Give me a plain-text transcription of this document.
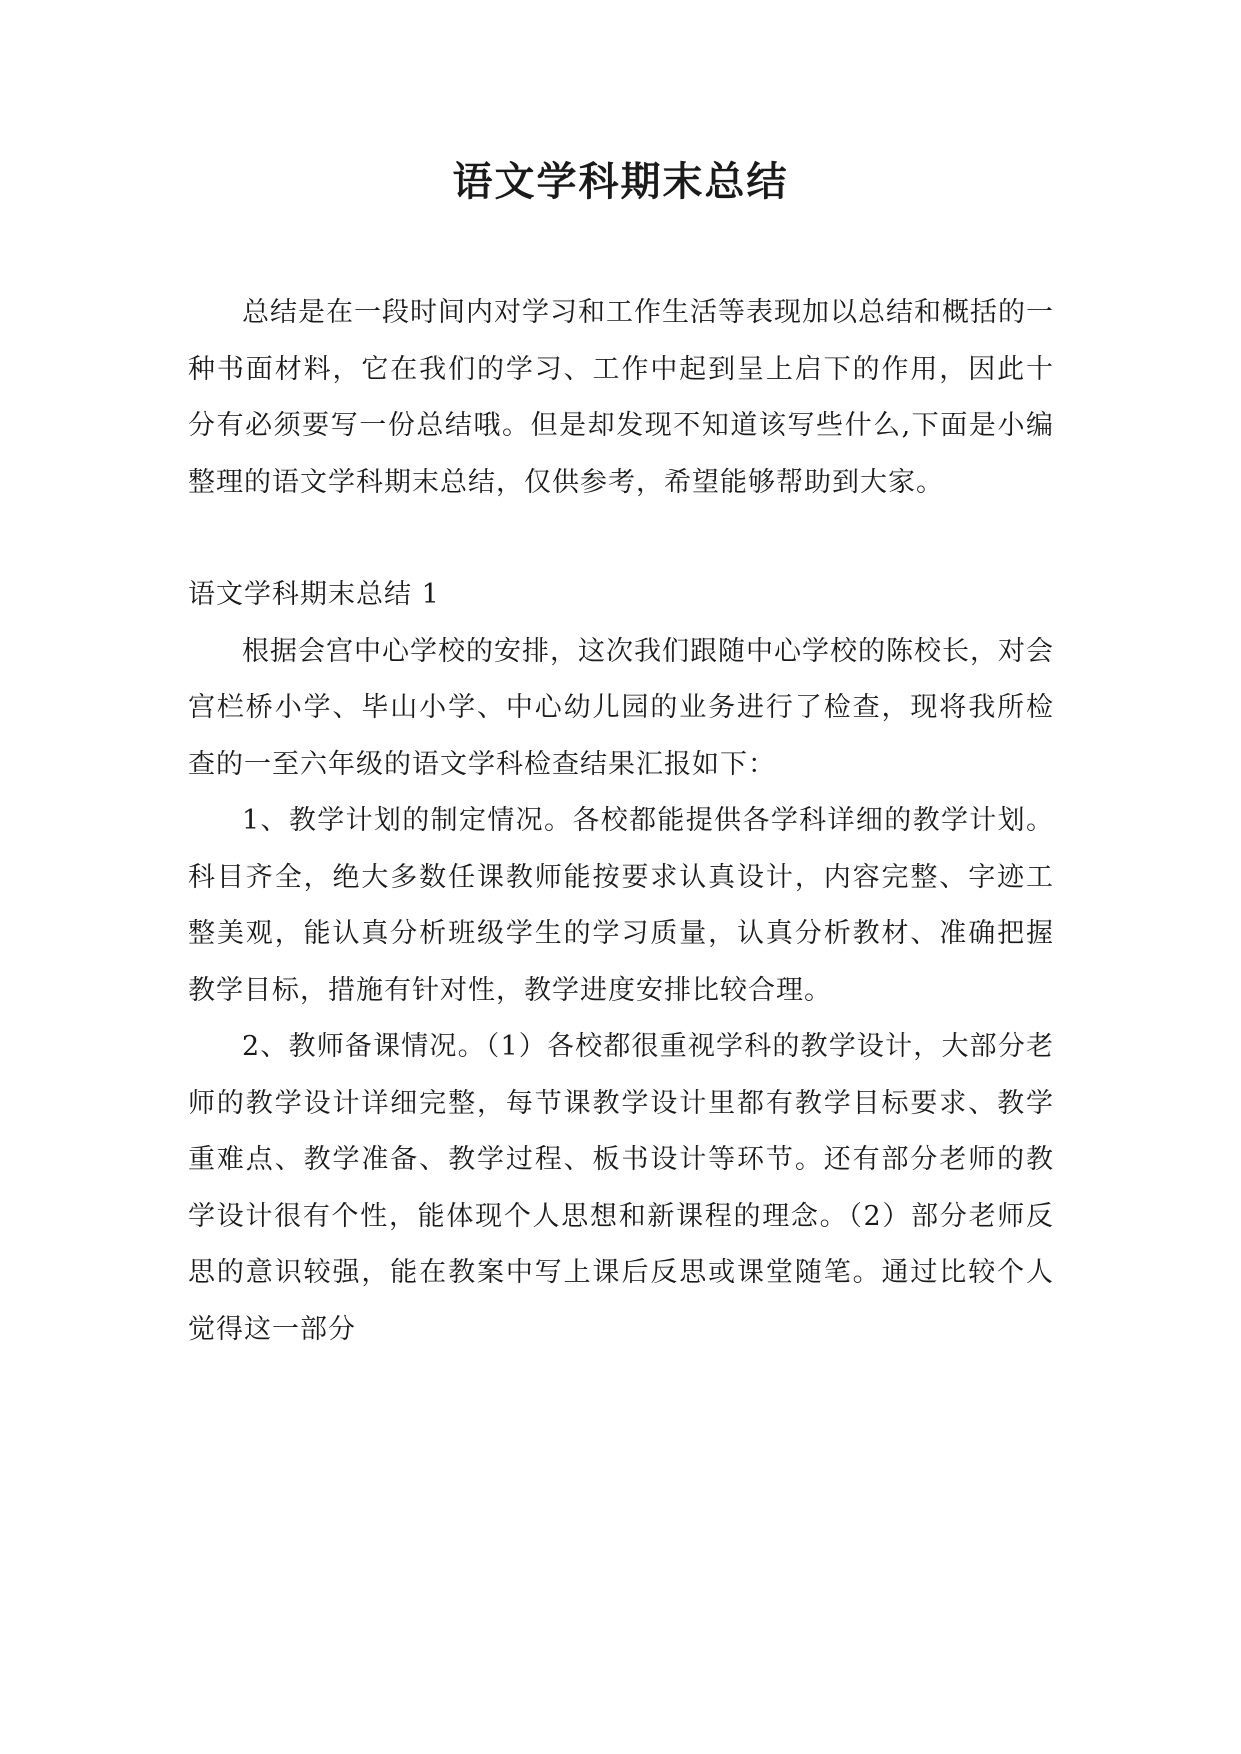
语文学科期末总结

总结是在一段时间内对学习和工作生活等表现加以总结和概括的一种书面材料，它在我们的学习、工作中起到呈上启下的作用，因此十分有必须要写一份总结哦。但是却发现不知道该写些什么,下面是小编整理的语文学科期末总结，仅供参考，希望能够帮助到大家。

语文学科期末总结 1

根据会宫中心学校的安排，这次我们跟随中心学校的陈校长，对会宫栏桥小学、毕山小学、中心幼儿园的业务进行了检查，现将我所检查的一至六年级的语文学科检查结果汇报如下：

1、教学计划的制定情况。各校都能提供各学科详细的教学计划。科目齐全，绝大多数任课教师能按要求认真设计，内容完整、字迹工整美观，能认真分析班级学生的学习质量，认真分析教材、准确把握教学目标，措施有针对性，教学进度安排比较合理。

2、教师备课情况。（1）各校都很重视学科的教学设计，大部分老师的教学设计详细完整，每节课教学设计里都有教学目标要求、教学重难点、教学准备、教学过程、板书设计等环节。还有部分老师的教学设计很有个性，能体现个人思想和新课程的理念。（2）部分老师反思的意识较强，能在教案中写上课后反思或课堂随笔。通过比较个人觉得这一部分
